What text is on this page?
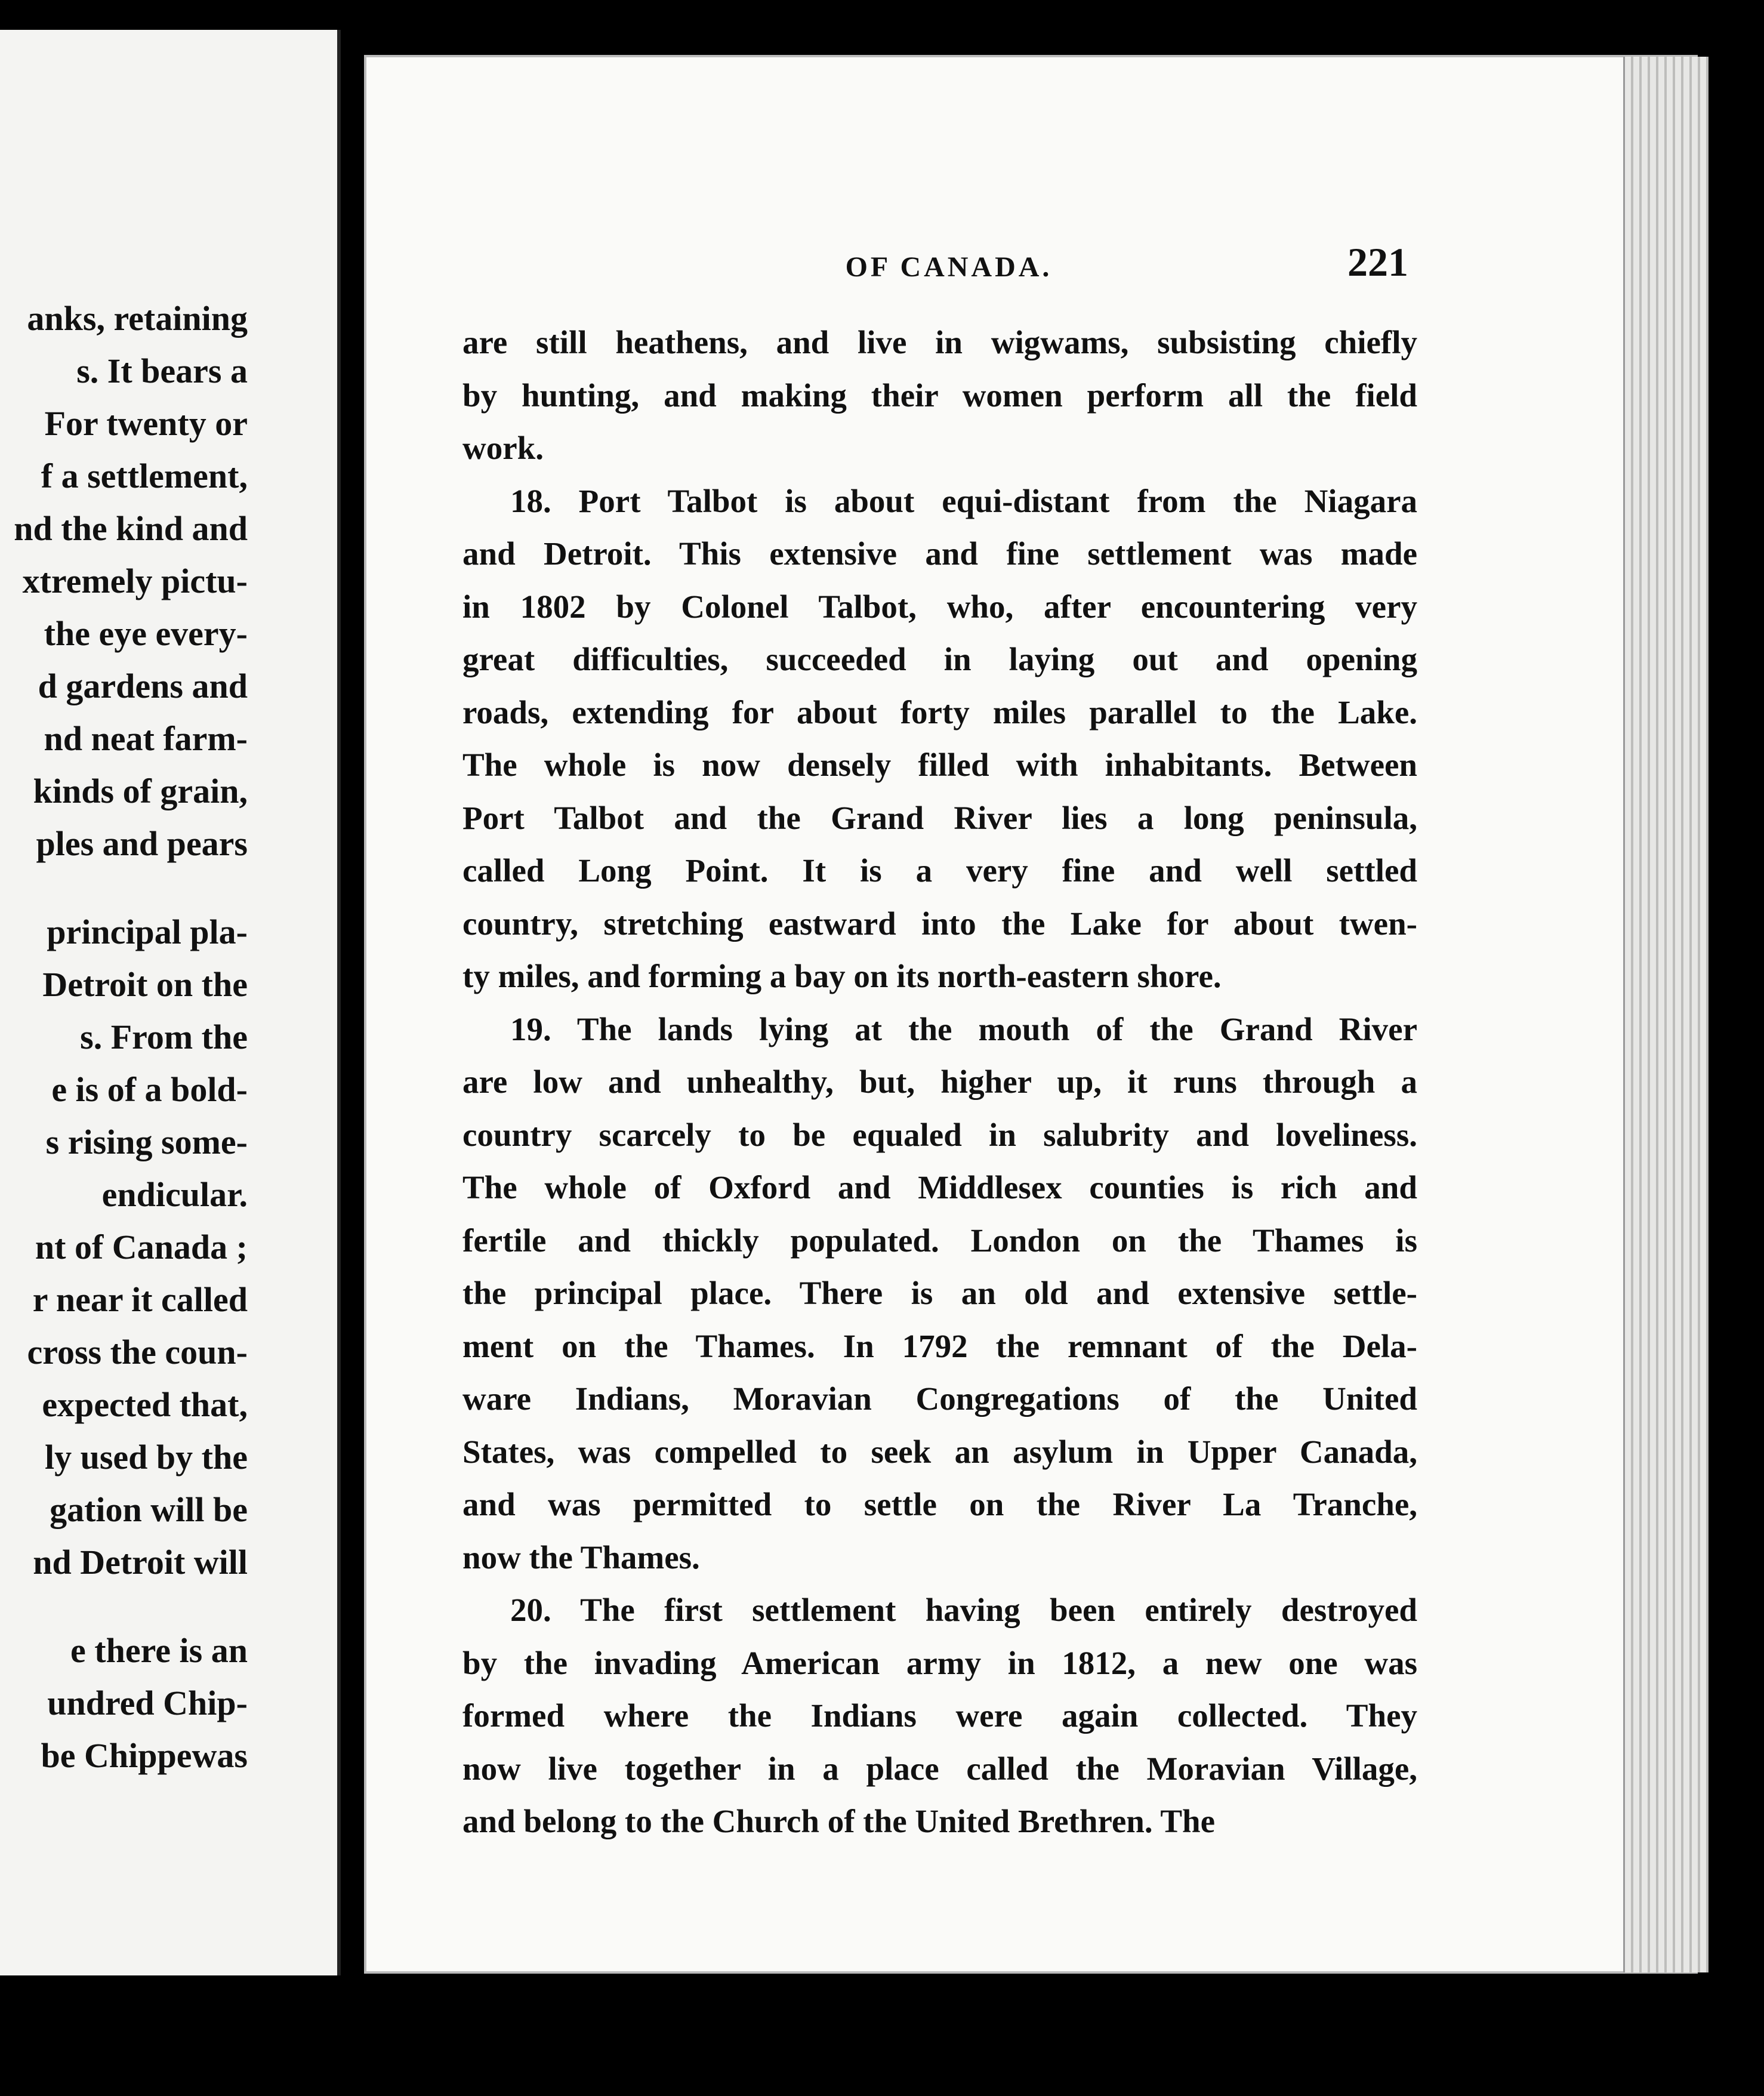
anks, retaining
s. It bears a
For twenty or
f a settlement,
nd the kind and
xtremely pictu-
the eye every-
d gardens and
nd neat farm-
kinds of grain,
ples and pears
principal pla-
Detroit on the
s. From the
e is of a bold-
s rising some-
endicular.
nt of Canada ;
r near it called
cross the coun-
expected that,
ly used by the
gation will be
nd Detroit will
e there is an
undred Chip-
be Chippewas
OF CANADA.	221
are still heathens, and live in wigwams, subsisting chiefly
by hunting, and making their women perform all the field
work.
18. Port Talbot is about equi-distant from the Niagara
and Detroit. This extensive and fine settlement was made
in 1802 by Colonel Talbot, who, after encountering very
great difficulties, succeeded in laying out and opening
roads, extending for about forty miles parallel to the Lake.
The whole is now densely filled with inhabitants. Between
Port Talbot and the Grand River lies a long peninsula,
called Long Point. It is a very fine and well settled
country, stretching eastward into the Lake for about twen-
ty miles, and forming a bay on its north-eastern shore.
19. The lands lying at the mouth of the Grand River
are low and unhealthy, but, higher up, it runs through a
country scarcely to be equaled in salubrity and loveliness.
The whole of Oxford and Middlesex counties is rich and
fertile and thickly populated. London on the Thames is
the principal place. There is an old and extensive settle-
ment on the Thames. In 1792 the remnant of the Dela-
ware Indians, Moravian Congregations of the United
States, was compelled to seek an asylum in Upper Canada,
and was permitted to settle on the River La Tranche,
now the Thames.
20. The first settlement having been entirely destroyed
by the invading American army in 1812, a new one was
formed where the Indians were again collected. They
now live together in a place called the Moravian Village,
and belong to the Church of the United Brethren. The
